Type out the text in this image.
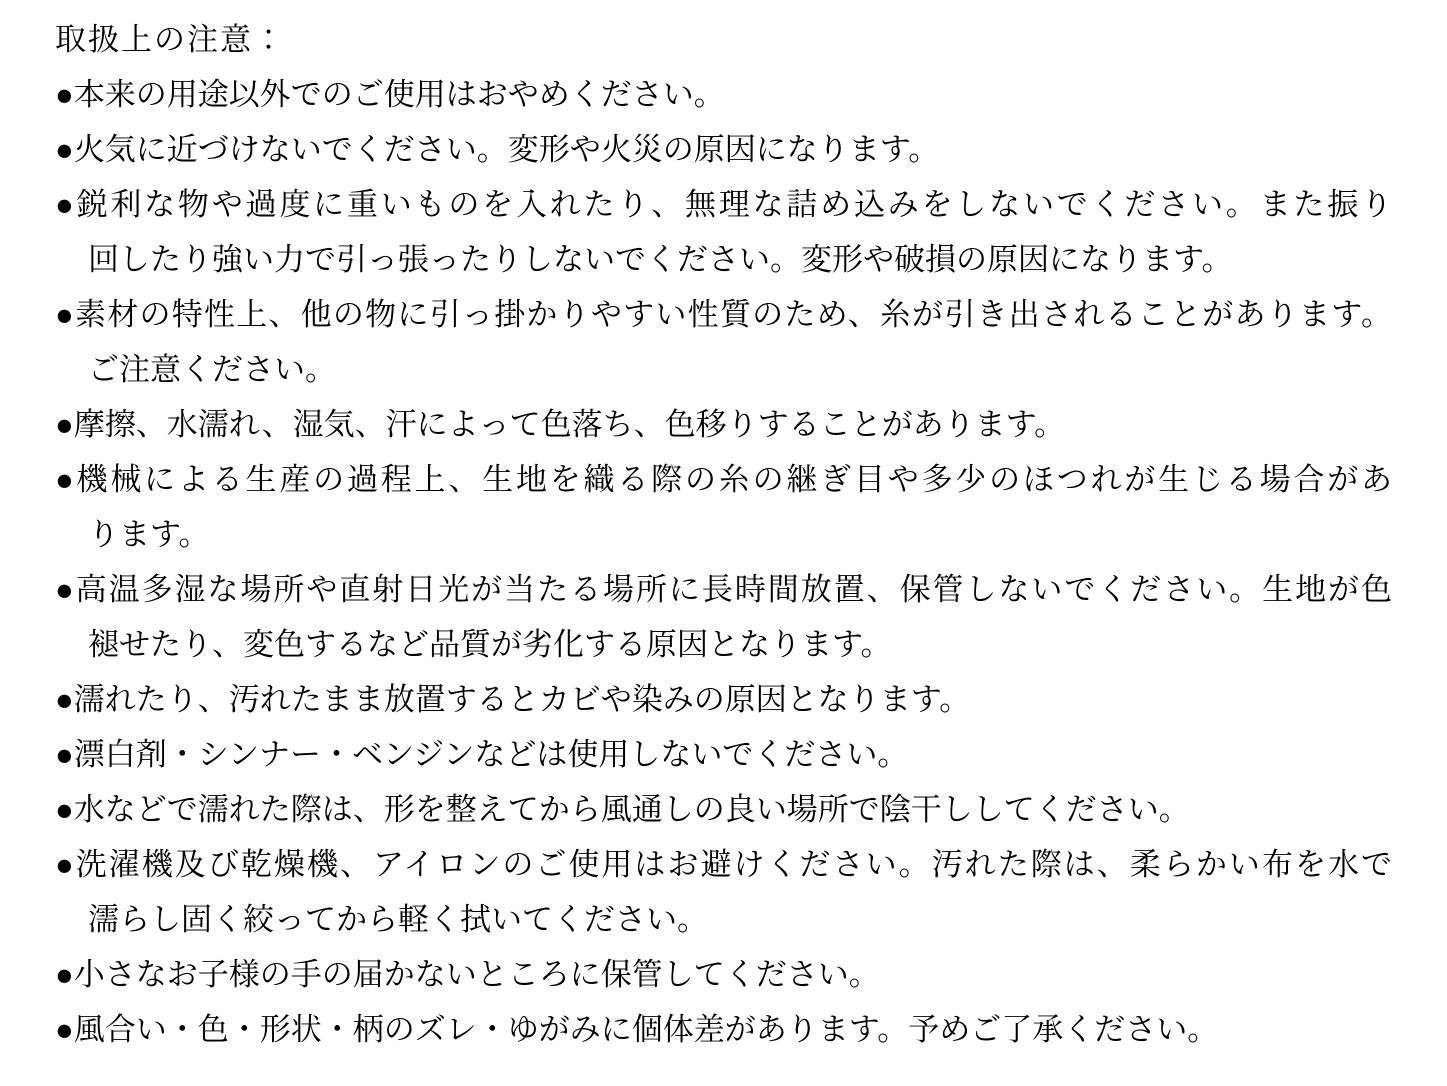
取扱上の注意：

●本来の用途以外でのご使用はおやめください。

●火気に近づけないでください。変形や火災の原因になります。

●鋭利な物や過度に重いものを入れたり、無理な詰め込みをしないでください。また振り
回したり強い力で引っ張ったりしないでください。変形や破損の原因になります。

●素材の特性上、他の物に引っ掛かりやすい性質のため、糸が引き出されることがあります。
ご注意ください。

●摩擦、水濡れ、湿気、汗によって色落ち、色移りすることがあります。

●機械による生産の過程上、生地を織る際の糸の継ぎ目や多少のほつれが生じる場合があ
ります。

●高温多湿な場所や直射日光が当たる場所に長時間放置、保管しないでください。生地が色
褪せたり、変色するなど品質が劣化する原因となります。

●濡れたり、汚れたまま放置するとカビや染みの原因となります。

●漂白剤・シンナー・ベンジンなどは使用しないでください。

●水などで濡れた際は、形を整えてから風通しの良い場所で陰干ししてください。

●洗濯機及び乾燥機、アイロンのご使用はお避けください。汚れた際は、柔らかい布を水で
濡らし固く絞ってから軽く拭いてください。

●小さなお子様の手の届かないところに保管してください。

●風合い・色・形状・柄のズレ・ゆがみに個体差があります。予めご了承ください。
